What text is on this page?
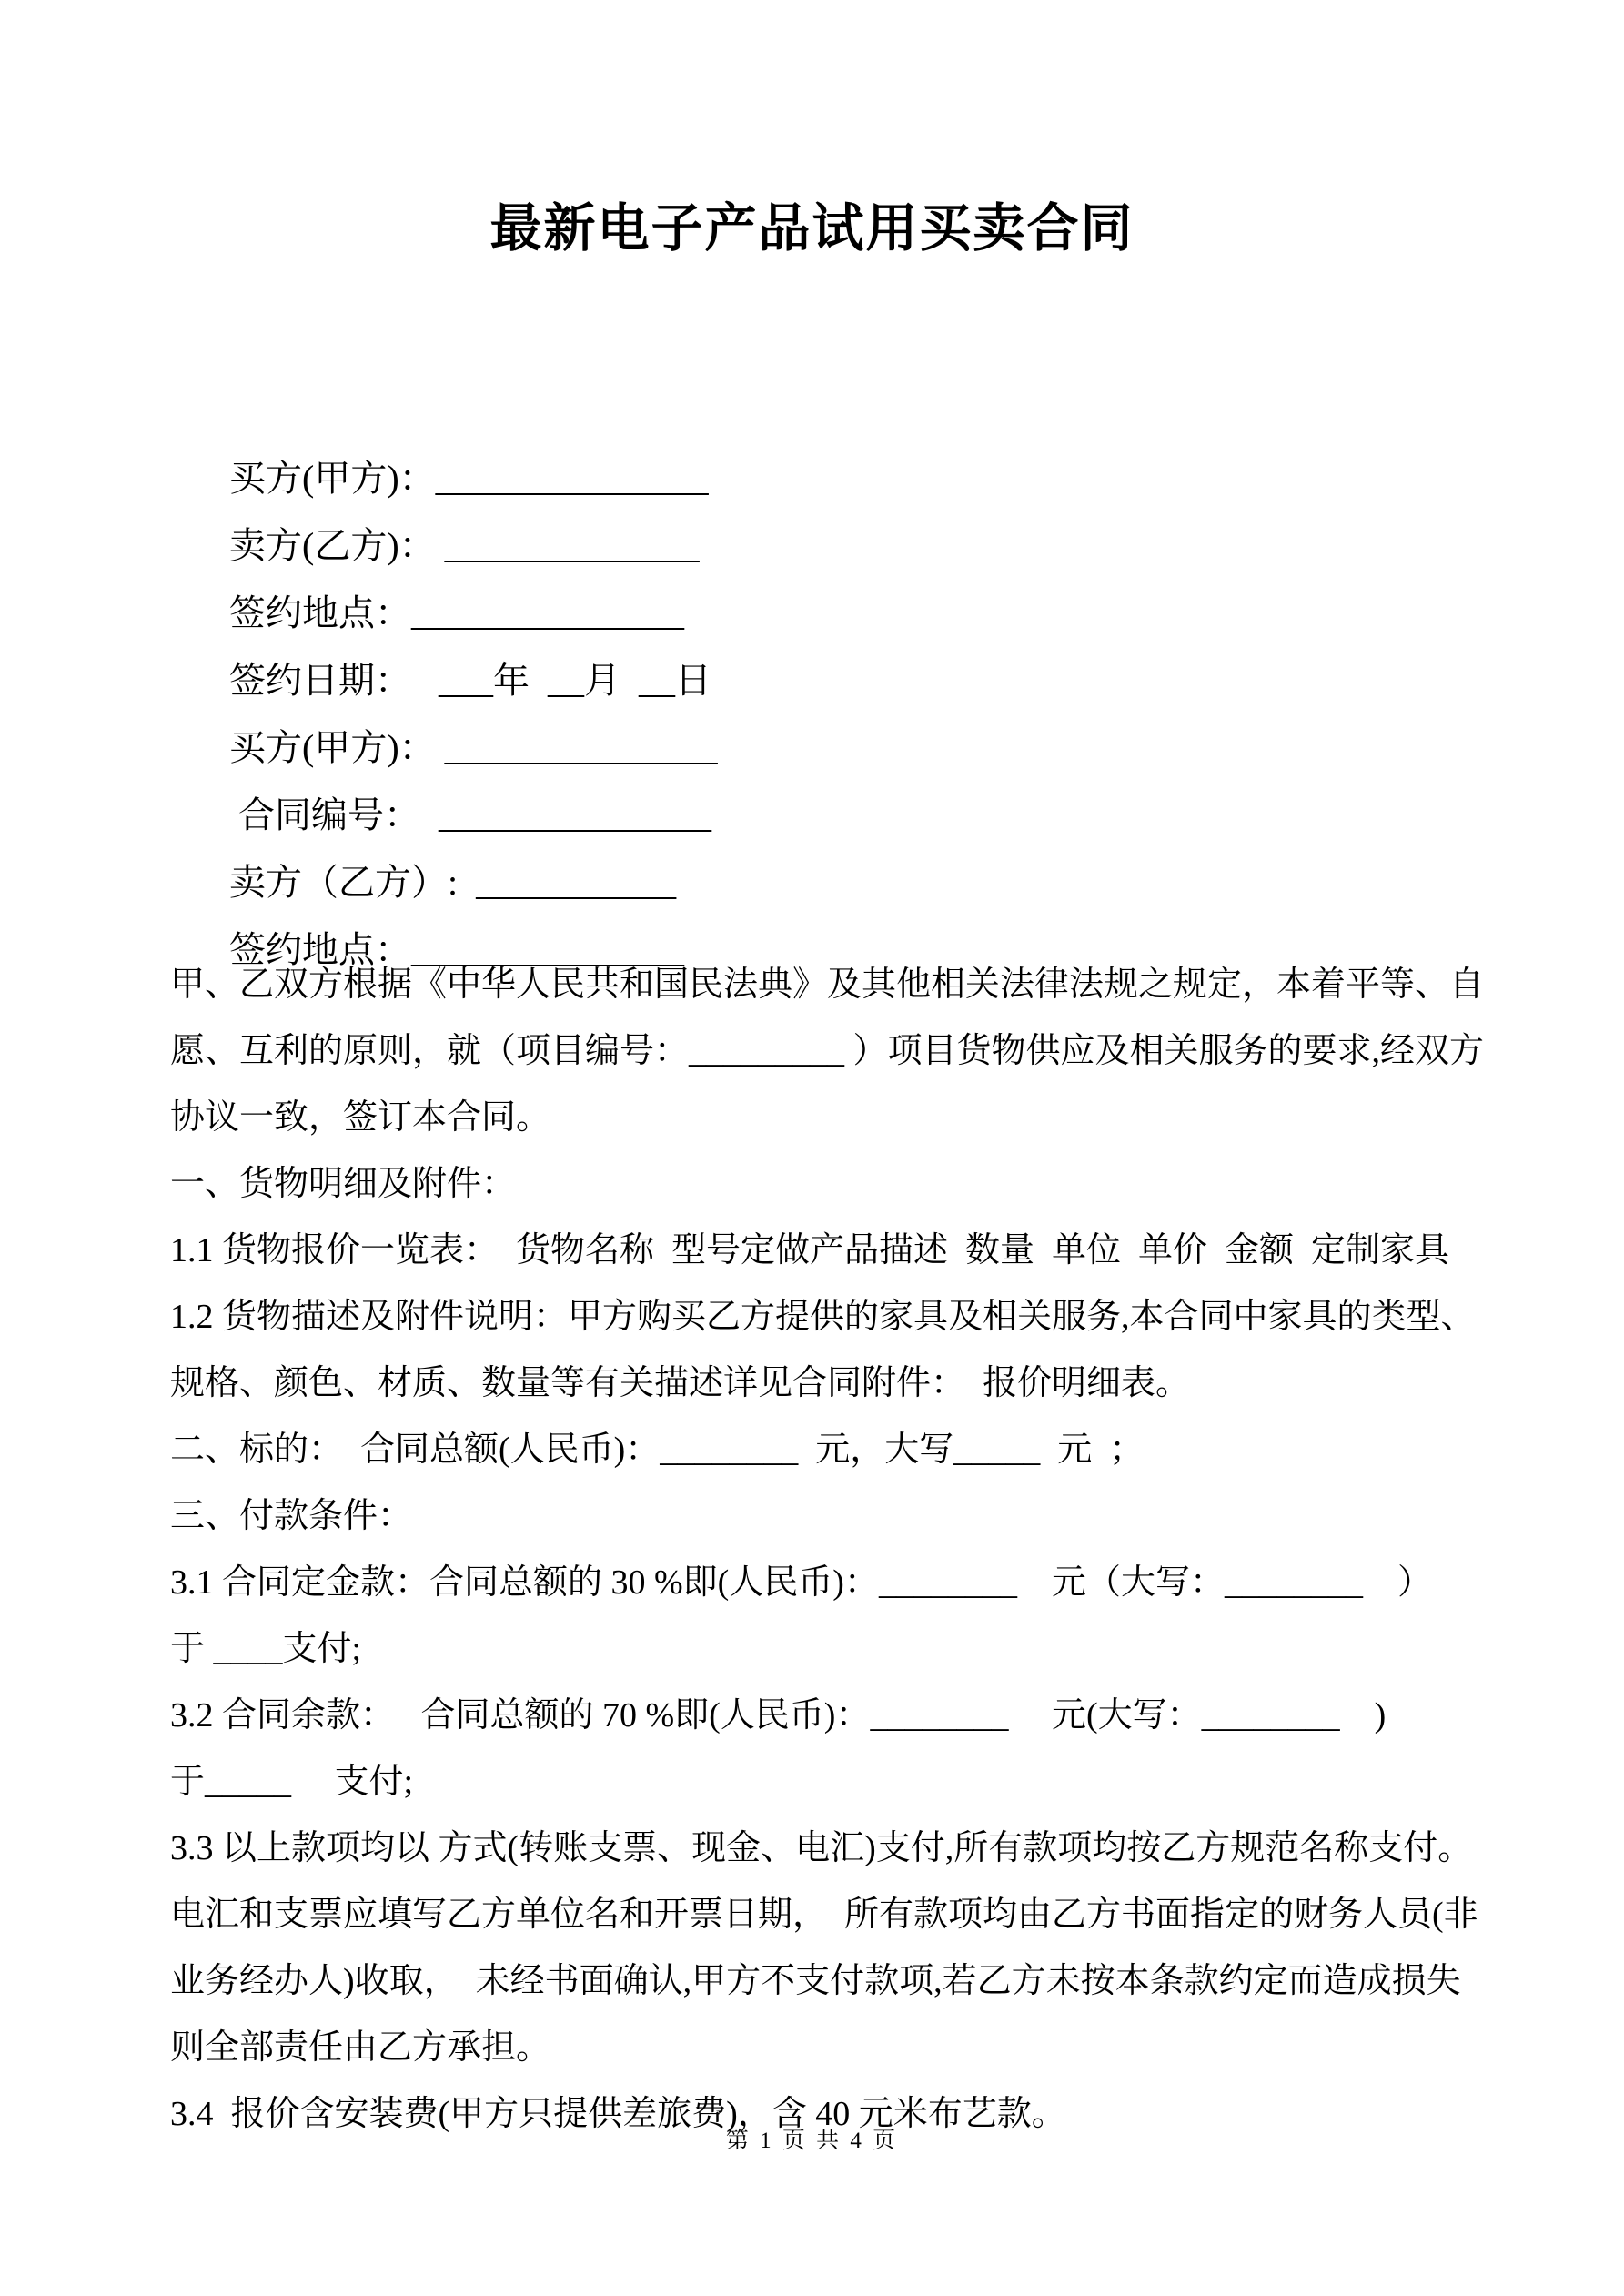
最新电子产品试用买卖合同

买方(甲方)：_______________

卖方(乙方)： ______________

签约地点：_______________

签约日期：   ___年  __月  __日

买方(甲方)： _______________

合同编号：  _______________

卖方（乙方）:  ___________

签约地点：_______________

甲、乙双方根据《中华人民共和国民法典》及其他相关法律法规之规定，本着平等、自
愿、互利的原则，就（项目编号：_________ ）项目货物供应及相关服务的要求,经双方
协议一致，签订本合同。
一、货物明细及附件：
1.1 货物报价一览表：  货物名称  型号定做产品描述  数量  单位  单价  金额  定制家具
1.2 货物描述及附件说明：甲方购买乙方提供的家具及相关服务,本合同中家具的类型、
规格、颜色、材质、数量等有关描述详见合同附件：  报价明细表。
二、标的：  合同总额(人民币)：________  元，大写_____  元  ；
三、付款条件：
3.1 合同定金款：合同总额的 30 %即(人民币)：________    元（大写：________    ）
于 ____支付;
3.2 合同余款：   合同总额的 70 %即(人民币)：________     元(大写：________    )
于_____     支付;
3.3 以上款项均以 方式(转账支票、现金、电汇)支付,所有款项均按乙方规范名称支付。
电汇和支票应填写乙方单位名和开票日期，  所有款项均由乙方书面指定的财务人员(非
业务经办人)收取，  未经书面确认,甲方不支付款项,若乙方未按本条款约定而造成损失
则全部责任由乙方承担。
3.4  报价含安装费(甲方只提供差旅费)，含 40 元米布艺款。
第 1 页 共 4 页
